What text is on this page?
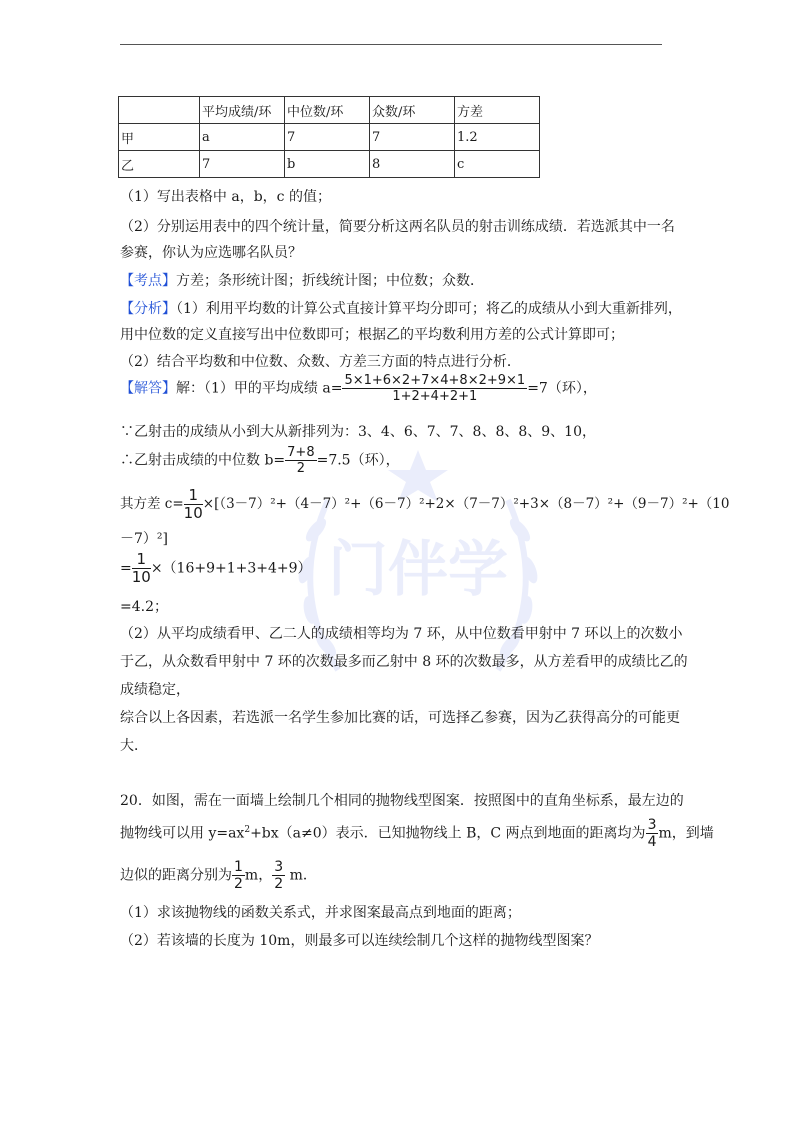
门伴学
	平均成绩/环	中位数/环	众数/环	方差
甲	a	7	7	1.2
乙	7	b	8	c
（1）写出表格中 a，b，c 的值；
（2）分别运用表中的四个统计量，简要分析这两名队员的射击训练成绩．若选派其中一名
参赛，你认为应选哪名队员？
【考点】方差；条形统计图；折线统计图；中位数；众数．
【分析】（1）利用平均数的计算公式直接计算平均分即可；将乙的成绩从小到大重新排列，
用中位数的定义直接写出中位数即可；根据乙的平均数利用方差的公式计算即可；
（2）结合平均数和中位数、众数、方差三方面的特点进行分析．
【解答】解：（1）甲的平均成绩 $a= \frac{5\times 1+6\times 2+7\times 4+8\times 2+9\times 1}{1+2+4+2+1} =7$（环），
∵乙射击的成绩从小到大从新排列为：3、4、6、7、7、8、8、8、9、10，
∴乙射击成绩的中位数 $b= \frac{7+8}{2} =7.5$（环），
其方差 $c= \frac{1}{10} \times[(3-7)^2+(4-7)^2+(6-7)^2+2\times(7-7)^2+3\times(8-7)^2+(9-7)^2+(10$
－7）²]
= $\frac{1}{10} \times(16+9+1+3+4+9)$
=4.2；
（2）从平均成绩看甲、乙二人的成绩相等均为 7 环，从中位数看甲射中 7 环以上的次数小
于乙，从众数看甲射中 7 环的次数最多而乙射中 8 环的次数最多，从方差看甲的成绩比乙的
成绩稳定，
综合以上各因素，若选派一名学生参加比赛的话，可选择乙参赛，因为乙获得高分的可能更
大．
20．如图，需在一面墙上绘制几个相同的抛物线型图案．按照图中的直角坐标系，最左边的
抛物线可以用 $y=ax^2+bx(a\ne 0)$表示．已知抛物线上 B，C 两点到地面的距离均为 $\frac{3}{4}$ m，到墙
边似的距离分别为 $\frac{1}{2}$ m， $\frac{3}{2}$ m．
（1）求该抛物线的函数关系式，并求图案最高点到地面的距离；
（2）若该墙的长度为 10m，则最多可以连续绘制几个这样的抛物线型图案？
